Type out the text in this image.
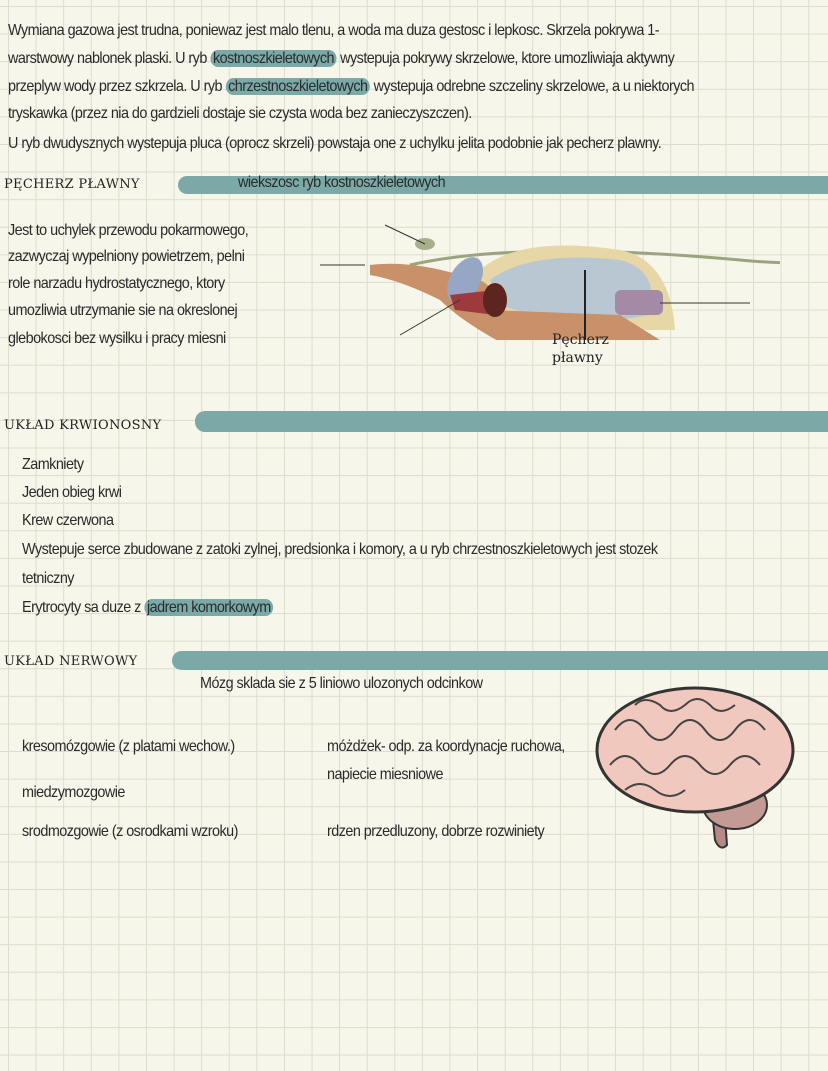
Wymiana gazowa jest trudna, poniewaz jest malo tlenu, a woda ma duza gestosc i lepkosc. Skrzela pokrywa 1-
warstwowy nablonek plaski. U ryb kostnoszkieletowych wystepuja pokrywy skrzelowe, ktore umozliwiaja aktywny
przeplyw wody przez szkrzela. U ryb chrzestnoszkieletowych wystepuja odrebne szczeliny skrzelowe, a u niektorych
tryskawka (przez nia do gardzieli dostaje sie czysta woda bez zanieczyszczen).
U ryb dwudysznych wystepuja pluca (oprocz skrzeli) powstaja one z uchylku jelita podobnie jak pecherz plawny.
PĘCHERZ PŁAWNY	wiekszosc ryb kostnoszkieletowych
Jest to uchylek przewodu pokarmowego,
zazwyczaj wypelniony powietrzem, pelni
role narzadu hydrostatycznego, ktory
umozliwia utrzymanie sie na okreslonej
glebokosci bez wysilku i pracy miesni	Pęcherz
pławny
UKŁAD KRWIONOSNY
Zamkniety
Jeden obieg krwi
Krew czerwona
Wystepuje serce zbudowane z zatoki zylnej, predsionka i komory, a u ryb chrzestnoszkieletowych jest stozek
tetniczny
Erytrocyty sa duze z jadrem komorkowym
UKŁAD NERWOWY
Mózg sklada sie z 5 liniowo ulozonych odcinkow
kresomózgowie (z platami wechow.)
miedzymozgowie
srodmozgowie (z osrodkami wzroku)
móżdżek- odp. za koordynacje ruchowa,
napiecie miesniowe
rdzen przedluzony, dobrze rozwiniety
